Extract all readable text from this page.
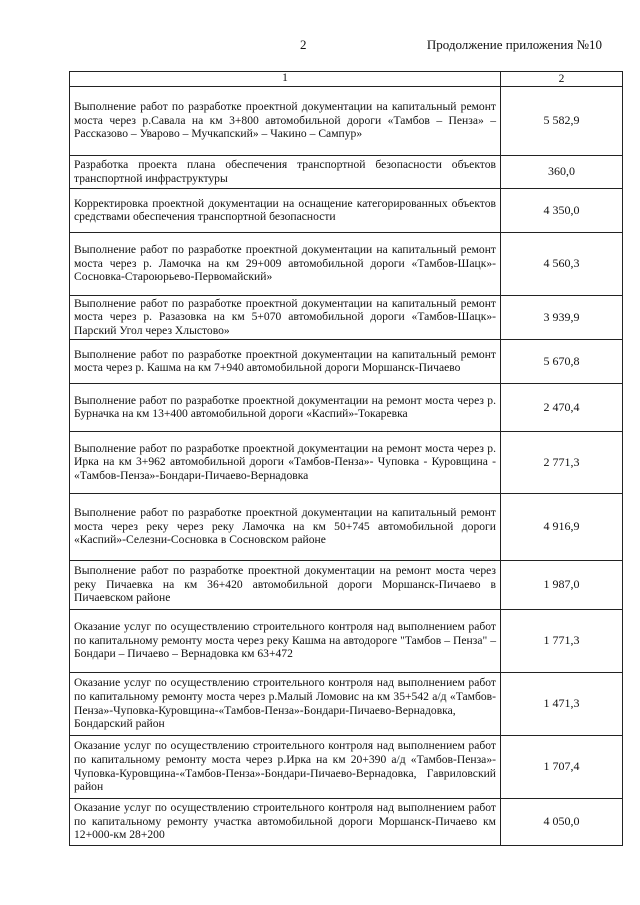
2	Продолжение приложения №10
1	2
Выполнение работ по разработке проектной документации на капитальный ремонт моста через р.Савала на км 3+800 автомобильной дороги «Тамбов – Пенза» – Рассказово – Уварово – Мучкапский» – Чакино – Сампур»	5 582,9
Разработка проекта плана обеспечения транспортной безопасности объектов транспортной инфраструктуры	360,0
Корректировка проектной документации на оснащение категорированных объектов средствами обеспечения транспортной безопасности	4 350,0
Выполнение работ по разработке проектной документации на капитальный ремонт моста через р. Ламочка на км 29+009 автомобильной дороги «Тамбов-Шацк»-Сосновка-Староюрьево-Первомайский»	4 560,3
Выполнение работ по разработке проектной документации на капитальный ремонт моста через р. Разазовка на км 5+070 автомобильной дороги «Тамбов-Шацк»-Парский Угол через Хлыстово»	3 939,9
Выполнение работ по разработке проектной документации на капитальный ремонт моста через р. Кашма на км 7+940 автомобильной дороги Моршанск-Пичаево	5 670,8
Выполнение работ по разработке проектной документации на ремонт моста через р. Бурначка на км 13+400 автомобильной дороги «Каспий»-Токаревка	2 470,4
Выполнение работ по разработке проектной документации на ремонт моста через р. Ирка на км 3+962 автомобильной дороги «Тамбов-Пенза»- Чуповка - Куровщина - «Тамбов-Пенза»-Бондари-Пичаево-Вернадовка	2 771,3
Выполнение работ по разработке проектной документации на капитальный ремонт моста через реку через реку Ламочка на км 50+745 автомобильной дороги «Каспий»-Селезни-Сосновка в Сосновском районе	4 916,9
Выполнение работ по разработке проектной документации на ремонт моста через реку Пичаевка на км 36+420 автомобильной дороги Моршанск-Пичаево в Пичаевском районе	1 987,0
Оказание услуг по осуществлению строительного контроля над выполнением работ по капитальному ремонту моста через реку Кашма на автодороге "Тамбов – Пенза" – Бондари – Пичаево – Вернадовка км 63+472	1 771,3
Оказание услуг по осуществлению строительного контроля над выполнением работ по капитальному ремонту моста через р.Малый Ломовис на км 35+542 а/д «Тамбов-Пенза»-Чуповка-Куровщина-«Тамбов-Пенза»-Бондари-Пичаево-Вернадовка, Бондарский район	1 471,3
Оказание услуг по осуществлению строительного контроля над выполнением работ по капитальному ремонту моста через р.Ирка на км 20+390 а/д «Тамбов-Пенза»-Чуповка-Куровщина-«Тамбов-Пенза»-Бондари-Пичаево-Вернадовка, Гавриловский район	1 707,4
Оказание услуг по осуществлению строительного контроля над выполнением работ по капитальному ремонту участка автомобильной дороги Моршанск-Пичаево км 12+000-км 28+200	4 050,0
